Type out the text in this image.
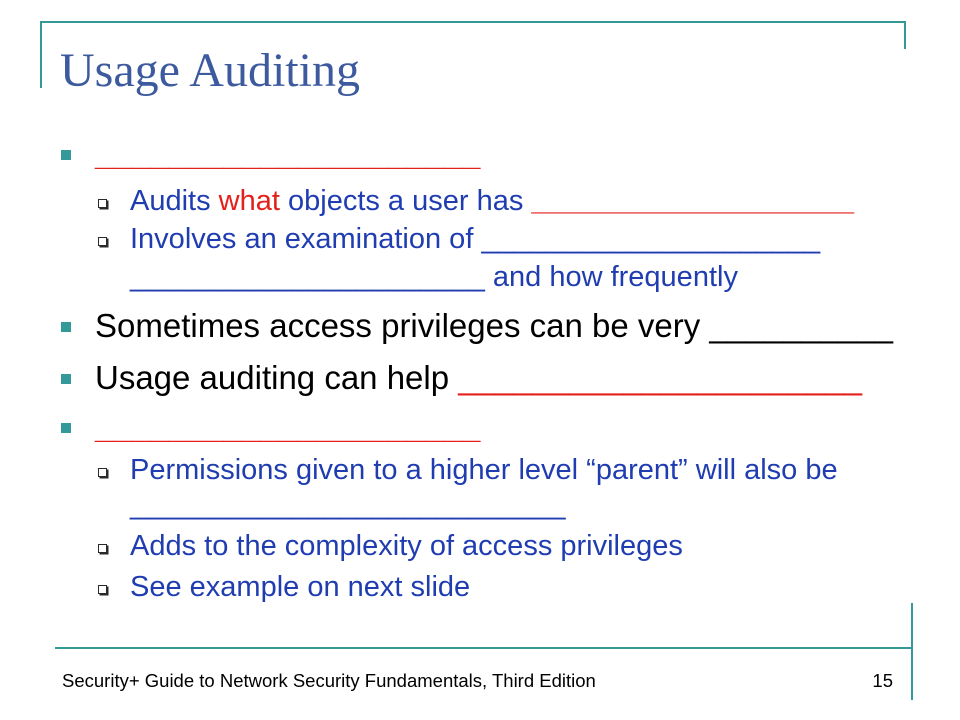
Usage Auditing
_____________________
Audits what objects a user has ____________________
Involves an examination of _____________________
______________________ and how frequently
Sometimes access privileges can be very __________
Usage auditing can help ______________________
_____________________
Permissions given to a higher level “parent” will also be
___________________________
Adds to the complexity of access privileges
See example on next slide
Security+ Guide to Network Security Fundamentals, Third Edition	15
